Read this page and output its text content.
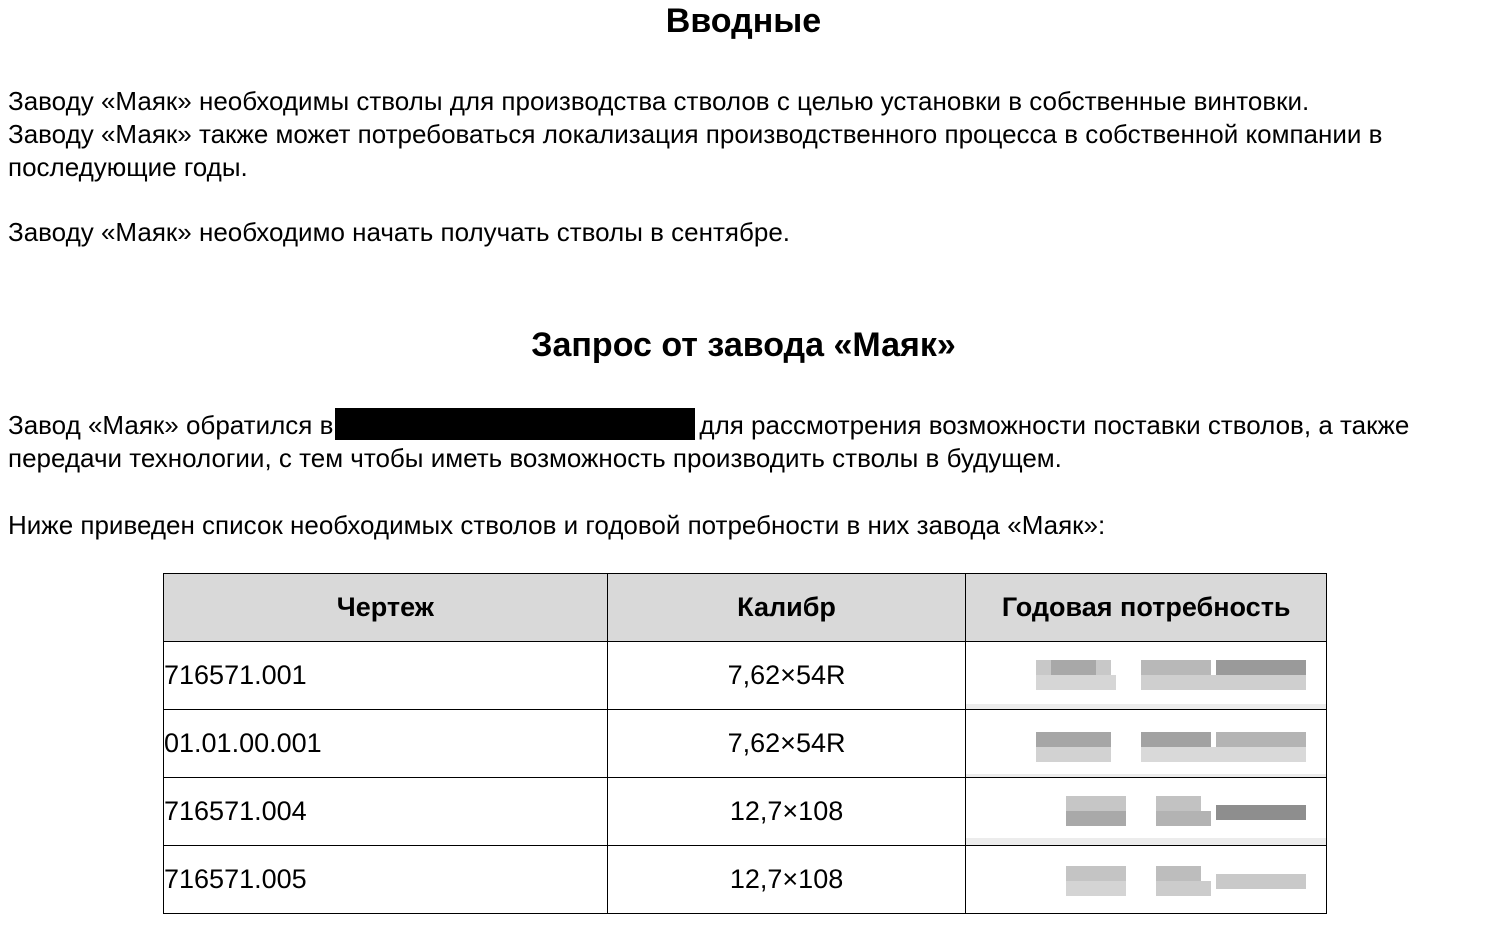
Вводные

Заводу «Маяк» необходимы стволы для производства стволов с целью установки в собственные винтовки.
Заводу «Маяк» также может потребоваться локализация производственного процесса в собственной компании в последующие годы.

Заводу «Маяк» необходимо начать получать стволы в сентябре.

Запрос от завода «Маяк»

Завод «Маяк» обратился в	для рассмотрения возможности поставки стволов, а также передачи технологии, с тем чтобы иметь возможность производить стволы в будущем.

Ниже приведен список необходимых стволов и годовой потребности в них завода «Маяк»:

Чертеж	Калибр	Годовая потребность
716571.001	7,62×54R	

01.01.00.001	7,62×54R	

716571.004	12,7×108	

716571.005	12,7×108	
